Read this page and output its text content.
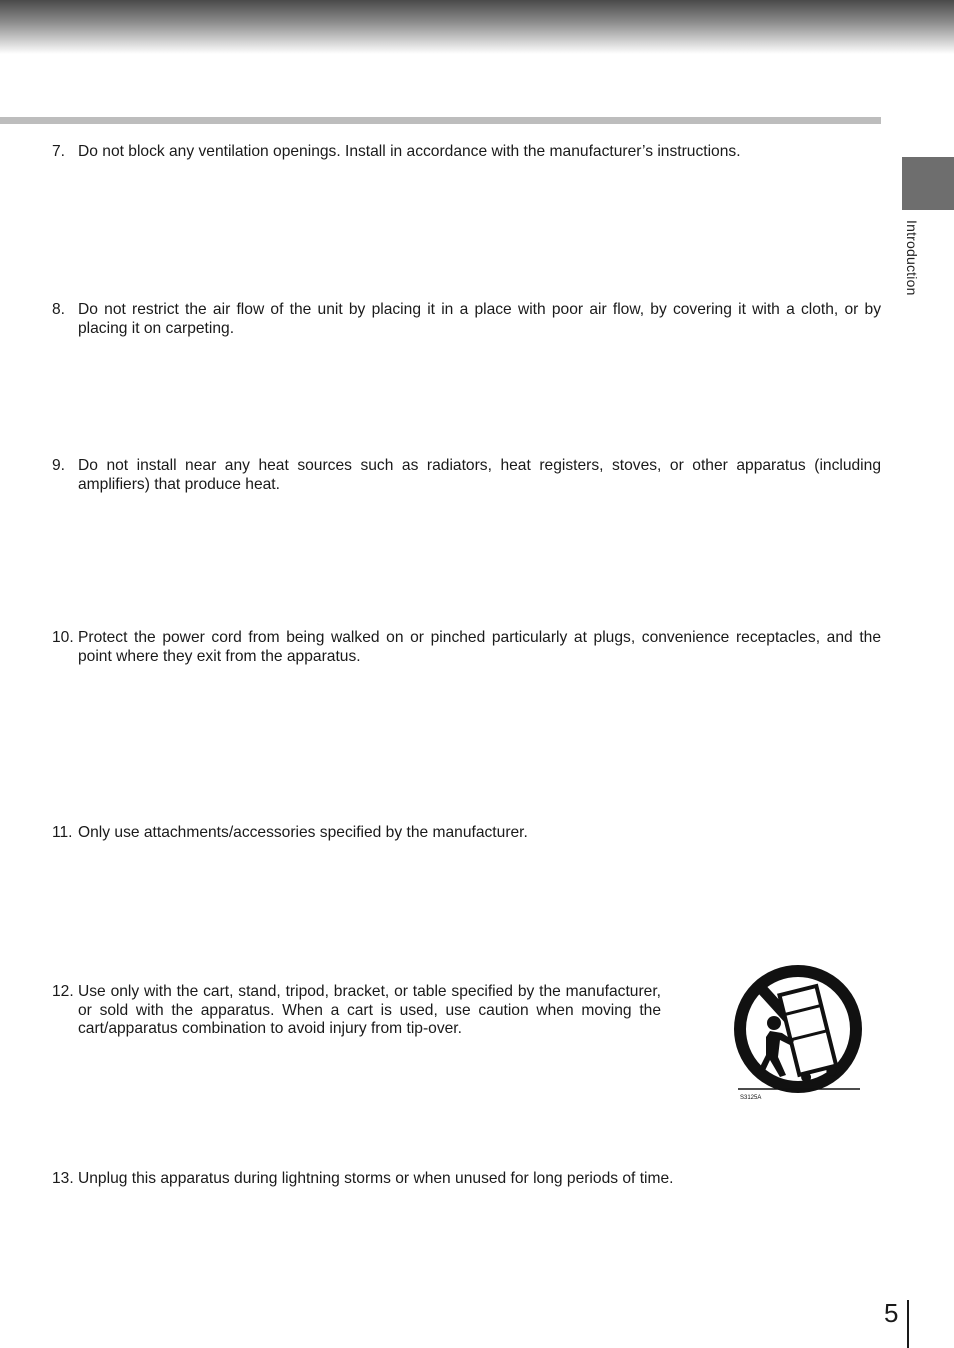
Introduction

7. Do not block any ventilation openings. Install in accordance with the manufacturer’s instructions.

8. Do not restrict the air flow of the unit by placing it in a place with poor air flow, by covering it with a cloth, or by placing it on carpeting.

9. Do not install near any heat sources such as radiators, heat registers, stoves, or other apparatus (including amplifiers) that produce heat.

10. Protect the power cord from being walked on or pinched particularly at plugs, convenience receptacles, and the point where they exit from the apparatus.

11. Only use attachments/accessories specified by the manufacturer.

12. Use only with the cart, stand, tripod, bracket, or table specified by the manufacturer, or sold with the apparatus. When a cart is used, use caution when moving the cart/apparatus combination to avoid injury from tip-over.

S3125A

13. Unplug this apparatus during lightning storms or when unused for long periods of time.

5
